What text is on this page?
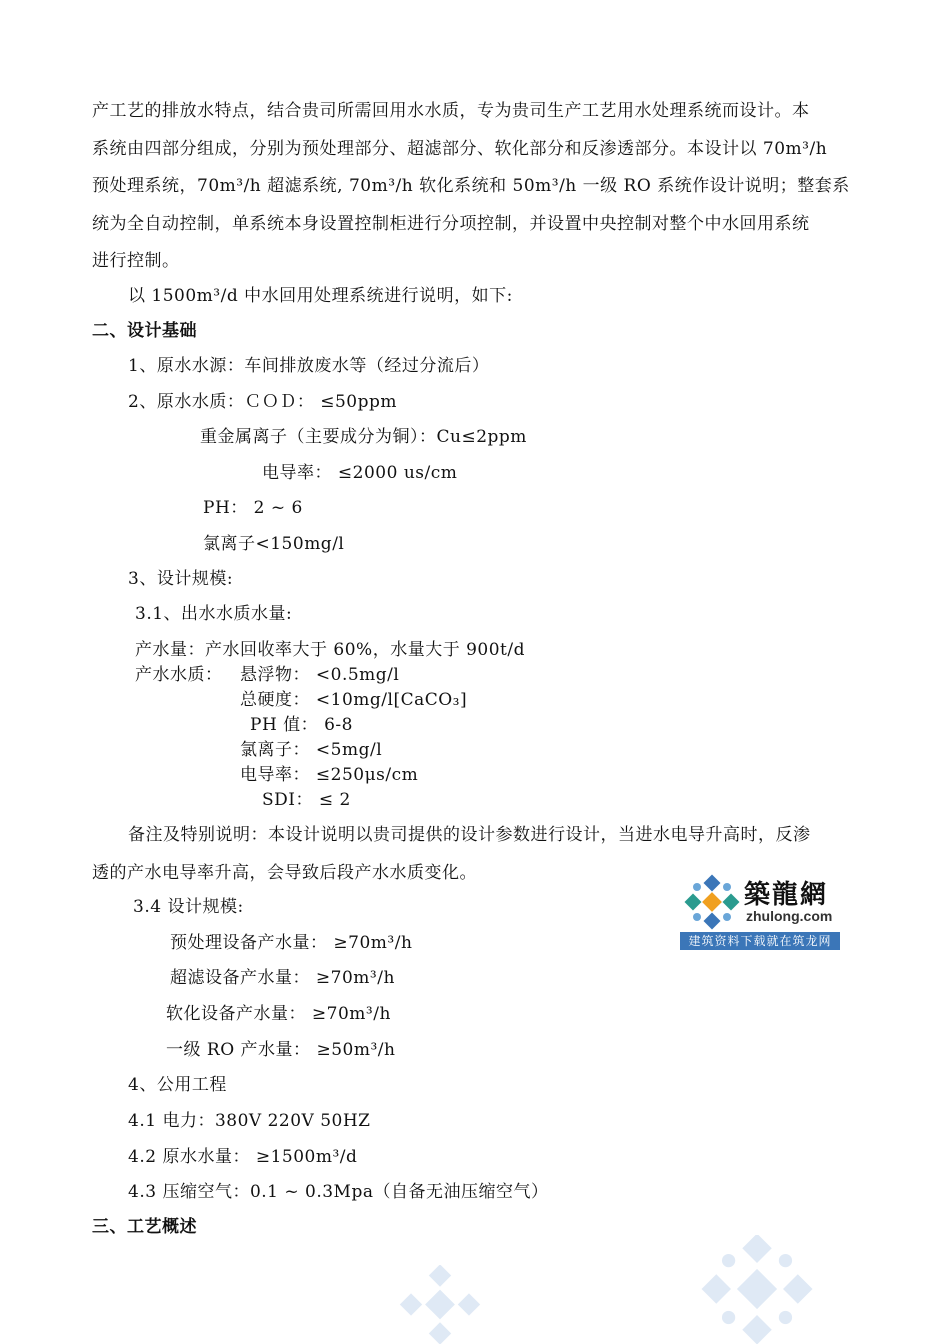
产工艺的排放水特点，结合贵司所需回用水水质，专为贵司生产工艺用水处理系统而设计。本
系统由四部分组成，分别为预处理部分、超滤部分、软化部分和反渗透部分。本设计以 70m³/h
预处理系统，70m³/h 超滤系统, 70m³/h 软化系统和 50m³/h 一级 RO 系统作设计说明；整套系
统为全自动控制，单系统本身设置控制柜进行分项控制，并设置中央控制对整个中水回用系统
进行控制。
以 1500m³/d 中水回用处理系统进行说明，如下:
二、设计基础
1、原水水源：车间排放废水等（经过分流后）
2、原水水质：ＣＯＤ： ≤50ppm
重金属离子（主要成分为铜）：Cu≤2ppm
电导率： ≤2000 us/cm
PH： 2 ~ 6
氯离子<150mg/l
3、设计规模:
3.1、出水水质水量:
产水量：产水回收率大于 60%，水量大于 900t/d
产水水质： 悬浮物： <0.5mg/l
总硬度： <10mg/l[CaCO₃]
PH 值： 6-8
氯离子： <5mg/l
电导率： ≤250μs/cm
SDI： ≤ 2
备注及特别说明：本设计说明以贵司提供的设计参数进行设计，当进水电导升高时，反渗
透的产水电导率升高，会导致后段产水水质变化。
3.4 设计规模:
预处理设备产水量： ≥70m³/h
超滤设备产水量： ≥70m³/h
软化设备产水量： ≥70m³/h
一级 RO 产水量： ≥50m³/h
4、公用工程
4.1 电力：380V 220V 50HZ
4.2 原水水量： ≥1500m³/d
4.3 压缩空气：0.1 ~ 0.3Mpa（自备无油压缩空气）
三、工艺概述
築龍網
zhulong.com
建筑资料下载就在筑龙网
